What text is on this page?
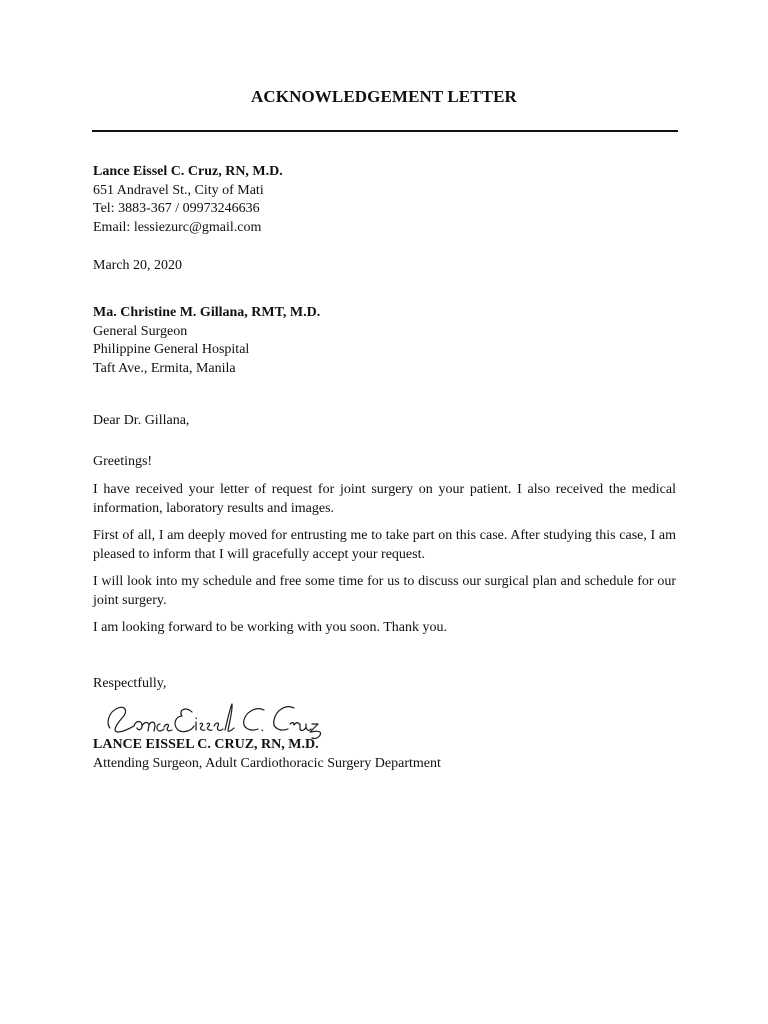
ACKNOWLEDGEMENT LETTER
Lance Eissel C. Cruz, RN, M.D.
651 Andravel St., City of Mati
Tel: 3883-367 / 09973246636
Email: lessiezurc@gmail.com
March 20, 2020
Ma. Christine M. Gillana, RMT, M.D.
General Surgeon
Philippine General Hospital
Taft Ave., Ermita, Manila
Dear Dr. Gillana,
Greetings!

I have received your letter of request for joint surgery on your patient. I also received the medical information, laboratory results and images.

First of all, I am deeply moved for entrusting me to take part on this case. After studying this case, I am pleased to inform that I will gracefully accept your request.

I will look into my schedule and free some time for us to discuss our surgical plan and schedule for our joint surgery.

I am looking forward to be working with you soon. Thank you.

Respectfully,
LANCE EISSEL C. CRUZ, RN, M.D.
Attending Surgeon, Adult Cardiothoracic Surgery Department
